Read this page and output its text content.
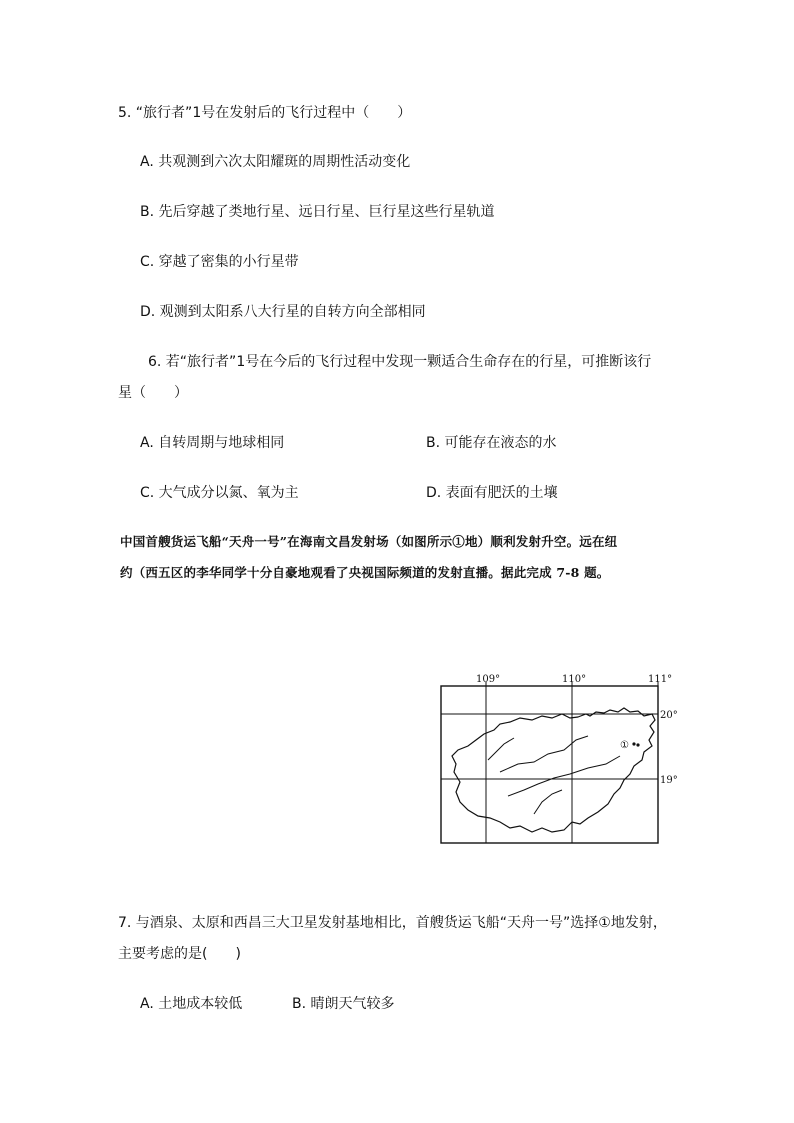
5. “旅行者”1号在发射后的飞行过程中（　　）
A. 共观测到六次太阳耀斑的周期性活动变化
B. 先后穿越了类地行星、远日行星、巨行星这些行星轨道
C. 穿越了密集的小行星带
D. 观测到太阳系八大行星的自转方向全部相同
6. 若“旅行者”1号在今后的飞行过程中发现一颗适合生命存在的行星，可推断该行
星（　　）
A. 自转周期与地球相同	B. 可能存在液态的水
C. 大气成分以氮、氧为主	D. 表面有肥沃的土壤
中国首艘货运飞船“天舟一号”在海南文昌发射场（如图所示①地）顺利发射升空。远在纽
约（西五区的李华同学十分自豪地观看了央视国际频道的发射直播。据此完成 7-8 题。
①
109°	110°	111°
20°
19°
7. 与酒泉、太原和西昌三大卫星发射基地相比，首艘货运飞船“天舟一号”选择①地发射，
主要考虑的是(　　)
A. 土地成本较低	B. 晴朗天气较多
